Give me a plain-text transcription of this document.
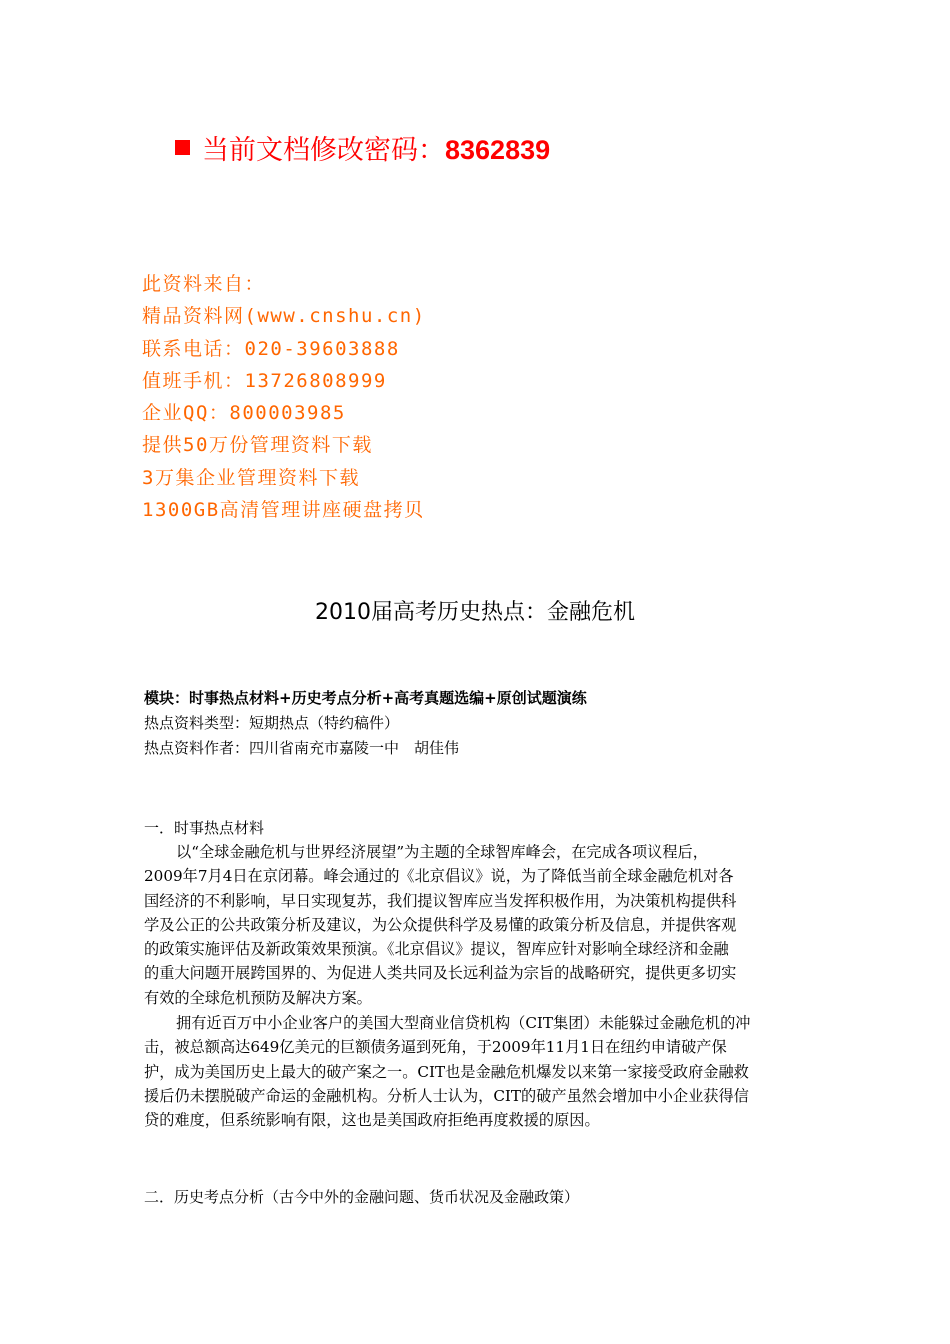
当前文档修改密码：8362839
此资料来自：
精品资料网(www.cnshu.cn)
联系电话：020-39603888
值班手机：13726808999
企业QQ：800003985
提供50万份管理资料下载
3万集企业管理资料下载
1300GB高清管理讲座硬盘拷贝
2010届高考历史热点：金融危机
模块：时事热点材料+历史考点分析+高考真题选编+原创试题演练
热点资料类型：短期热点（特约稿件）
热点资料作者：四川省南充市嘉陵一中　胡佳伟
一．时事热点材料
以“全球金融危机与世界经济展望”为主题的全球智库峰会，在完成各项议程后，
2009年7月4日在京闭幕。峰会通过的《北京倡议》说，为了降低当前全球金融危机对各
国经济的不利影响，早日实现复苏，我们提议智库应当发挥积极作用，为决策机构提供科
学及公正的公共政策分析及建议，为公众提供科学及易懂的政策分析及信息，并提供客观
的政策实施评估及新政策效果预演。《北京倡议》提议，智库应针对影响全球经济和金融
的重大问题开展跨国界的、为促进人类共同及长远利益为宗旨的战略研究，提供更多切实
有效的全球危机预防及解决方案。
拥有近百万中小企业客户的美国大型商业信贷机构（CIT集团）未能躲过金融危机的冲
击，被总额高达649亿美元的巨额债务逼到死角，于2009年11月1日在纽约申请破产保
护，成为美国历史上最大的破产案之一。CIT也是金融危机爆发以来第一家接受政府金融救
援后仍未摆脱破产命运的金融机构。分析人士认为，CIT的破产虽然会增加中小企业获得信
贷的难度，但系统影响有限，这也是美国政府拒绝再度救援的原因。
二．历史考点分析（古今中外的金融问题、货币状况及金融政策）
